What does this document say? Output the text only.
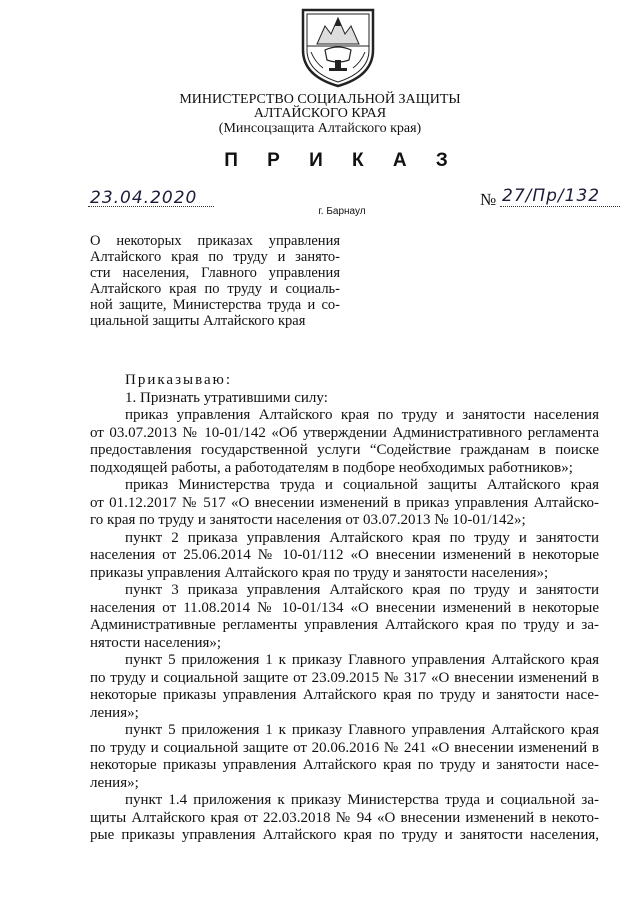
МИНИСТЕРСТВО СОЦИАЛЬНОЙ ЗАЩИТЫ
АЛТАЙСКОГО КРАЯ
(Минсоцзащита Алтайского края)
П Р И К А З
23.04.2020	№ 27/Пр/132
г. Барнаул
О некоторых приказах управления
Алтайского края по труду и занято-
сти населения, Главного управления
Алтайского края по труду и социаль-
ной защите, Министерства труда и со-
циальной защиты Алтайского края
Приказываю:
1. Признать утратившими силу:
приказ управления Алтайского края по труду и занятости населения
от 03.07.2013 № 10-01/142 «Об утверждении Административного регламента
предоставления государственной услуги “Содействие гражданам в поиске
подходящей работы, а работодателям в подборе необходимых работников»;
приказ Министерства труда и социальной защиты Алтайского края
от 01.12.2017 № 517 «О внесении изменений в приказ управления Алтайско-
го края по труду и занятости населения от 03.07.2013 № 10-01/142»;
пункт 2 приказа управления Алтайского края по труду и занятости
населения от 25.06.2014 № 10-01/112 «О внесении изменений в некоторые
приказы управления Алтайского края по труду и занятости населения»;
пункт 3 приказа управления Алтайского края по труду и занятости
населения от 11.08.2014 № 10-01/134 «О внесении изменений в некоторые
Административные регламенты управления Алтайского края по труду и за-
нятости населения»;
пункт 5 приложения 1 к приказу Главного управления Алтайского края
по труду и социальной защите от 23.09.2015 № 317 «О внесении изменений в
некоторые приказы управления Алтайского края по труду и занятости насе-
ления»;
пункт 5 приложения 1 к приказу Главного управления Алтайского края
по труду и социальной защите от 20.06.2016 № 241 «О внесении изменений в
некоторые приказы управления Алтайского края по труду и занятости насе-
ления»;
пункт 1.4 приложения к приказу Министерства труда и социальной за-
щиты Алтайского края от 22.03.2018 № 94 «О внесении изменений в некото-
рые приказы управления Алтайского края по труду и занятости населения,
